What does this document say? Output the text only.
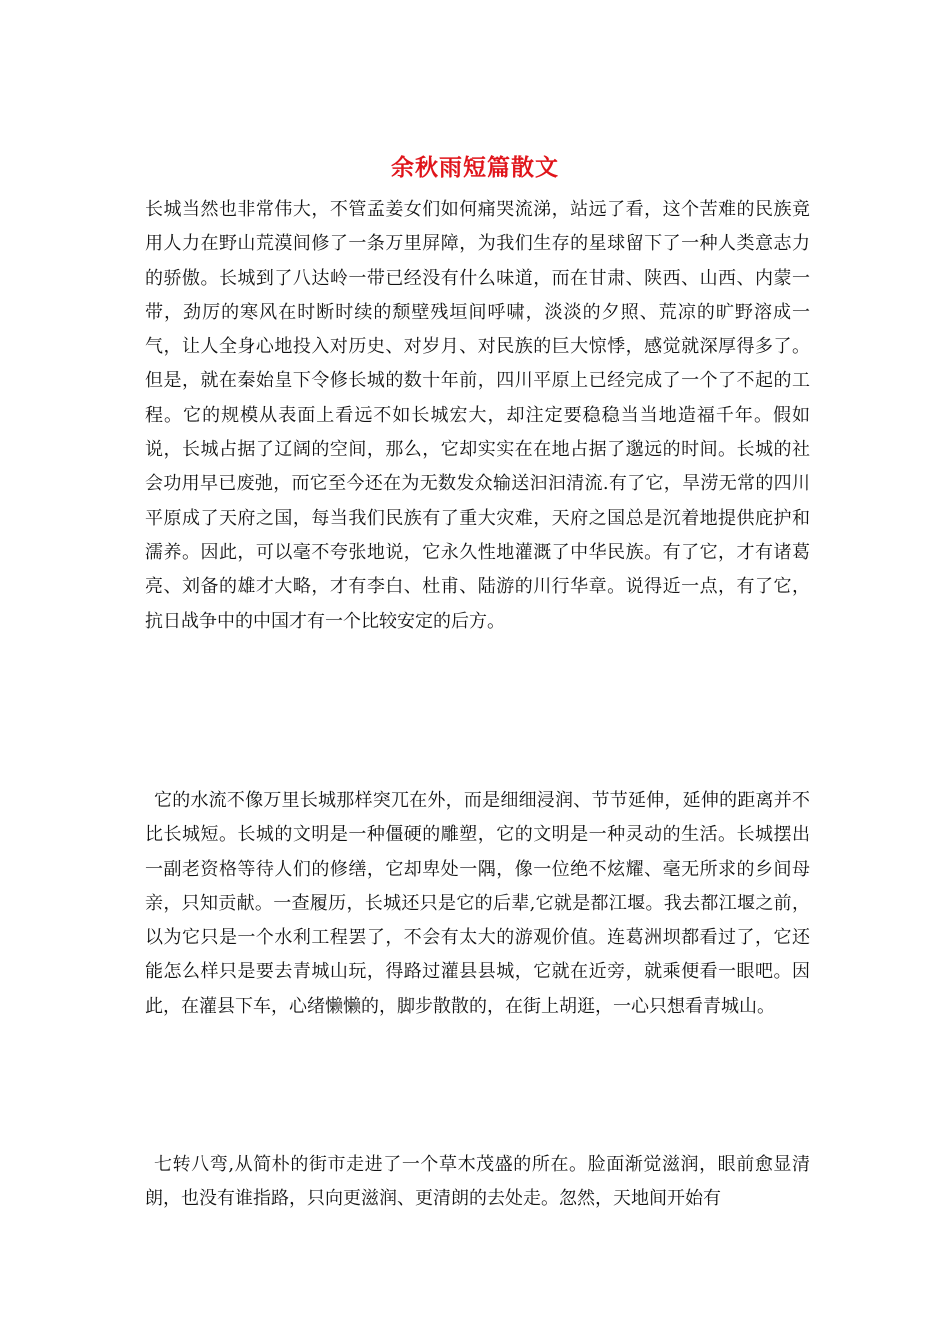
余秋雨短篇散文
长城当然也非常伟大，不管孟姜女们如何痛哭流涕，站远了看，这个苦难的民族竟用人力在野山荒漠间修了一条万里屏障，为我们生存的星球留下了一种人类意志力的骄傲。长城到了八达岭一带已经没有什么味道，而在甘肃、陕西、山西、内蒙一带，劲厉的寒风在时断时续的颓壁残垣间呼啸，淡淡的夕照、荒凉的旷野溶成一气，让人全身心地投入对历史、对岁月、对民族的巨大惊悸，感觉就深厚得多了。但是，就在秦始皇下令修长城的数十年前，四川平原上已经完成了一个了不起的工程。它的规模从表面上看远不如长城宏大，却注定要稳稳当当地造福千年。假如说，长城占据了辽阔的空间，那么，它却实实在在地占据了邈远的时间。长城的社会功用早已废弛，而它至今还在为无数发众输送汩汩清流.有了它，旱涝无常的四川平原成了天府之国，每当我们民族有了重大灾难，天府之国总是沉着地提供庇护和濡养。因此，可以毫不夸张地说，它永久性地灌溉了中华民族。有了它，才有诸葛亮、刘备的雄才大略，才有李白、杜甫、陆游的川行华章。说得近一点，有了它，抗日战争中的中国才有一个比较安定的后方。
它的水流不像万里长城那样突兀在外，而是细细浸润、节节延伸，延伸的距离并不比长城短。长城的文明是一种僵硬的雕塑，它的文明是一种灵动的生活。长城摆出一副老资格等待人们的修缮，它却卑处一隅，像一位绝不炫耀、毫无所求的乡间母亲，只知贡献。一查履历，长城还只是它的后辈,它就是都江堰。我去都江堰之前，以为它只是一个水利工程罢了，不会有太大的游观价值。连葛洲坝都看过了，它还能怎么样只是要去青城山玩，得路过灌县县城，它就在近旁，就乘便看一眼吧。因此，在灌县下车，心绪懒懒的，脚步散散的，在街上胡逛，一心只想看青城山。
七转八弯,从简朴的街市走进了一个草木茂盛的所在。脸面渐觉滋润，眼前愈显清朗，也没有谁指路，只向更滋润、更清朗的去处走。忽然，天地间开始有
